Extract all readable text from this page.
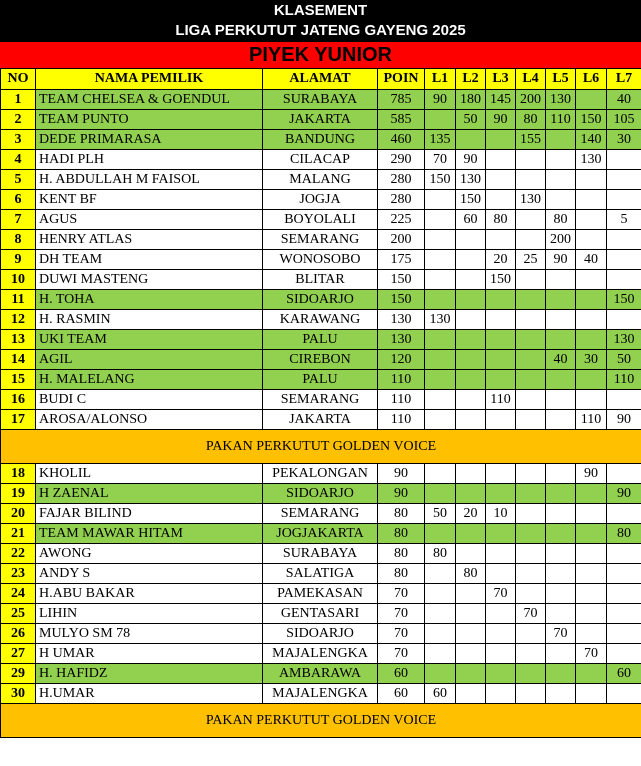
KLASEMENT
LIGA PERKUTUT JATENG GAYENG 2025
PIYEK YUNIOR
NO	NAMA PEMILIK	ALAMAT	POIN	L1	L2	L3	L4	L5	L6	L7
1	TEAM CHELSEA & GOENDUL	SURABAYA	785	90	180	145	200	130		40
2	TEAM PUNTO	JAKARTA	585		50	90	80	110	150	105
3	DEDE PRIMARASA	BANDUNG	460	135			155		140	30
4	HADI PLH	CILACAP	290	70	90				130	
5	H. ABDULLAH M FAISOL	MALANG	280	150	130					
6	KENT BF	JOGJA	280		150		130			
7	AGUS	BOYOLALI	225		60	80		80		5
8	HENRY ATLAS	SEMARANG	200					200		
9	DH TEAM	WONOSOBO	175			20	25	90	40	
10	DUWI MASTENG	BLITAR	150			150				
11	H. TOHA	SIDOARJO	150							150
12	H. RASMIN	KARAWANG	130	130						
13	UKI TEAM	PALU	130							130
14	AGIL	CIREBON	120					40	30	50
15	H. MALELANG	PALU	110							110
16	BUDI C	SEMARANG	110			110				
17	AROSA/ALONSO	JAKARTA	110						110	90
PAKAN PERKUTUT GOLDEN VOICE										
18	KHOLIL	PEKALONGAN	90						90	
19	H ZAENAL	SIDOARJO	90							90
20	FAJAR BILIND	SEMARANG	80	50	20	10				
21	TEAM MAWAR HITAM	JOGJAKARTA	80							80
22	AWONG	SURABAYA	80	80						
23	ANDY S	SALATIGA	80		80					
24	H.ABU BAKAR	PAMEKASAN	70			70				
25	LIHIN	GENTASARI	70				70			
26	MULYO SM 78	SIDOARJO	70					70		
27	H UMAR	MAJALENGKA	70						70	
29	H. HAFIDZ	AMBARAWA	60							60
30	H.UMAR	MAJALENGKA	60	60						
PAKAN PERKUTUT GOLDEN VOICE										
